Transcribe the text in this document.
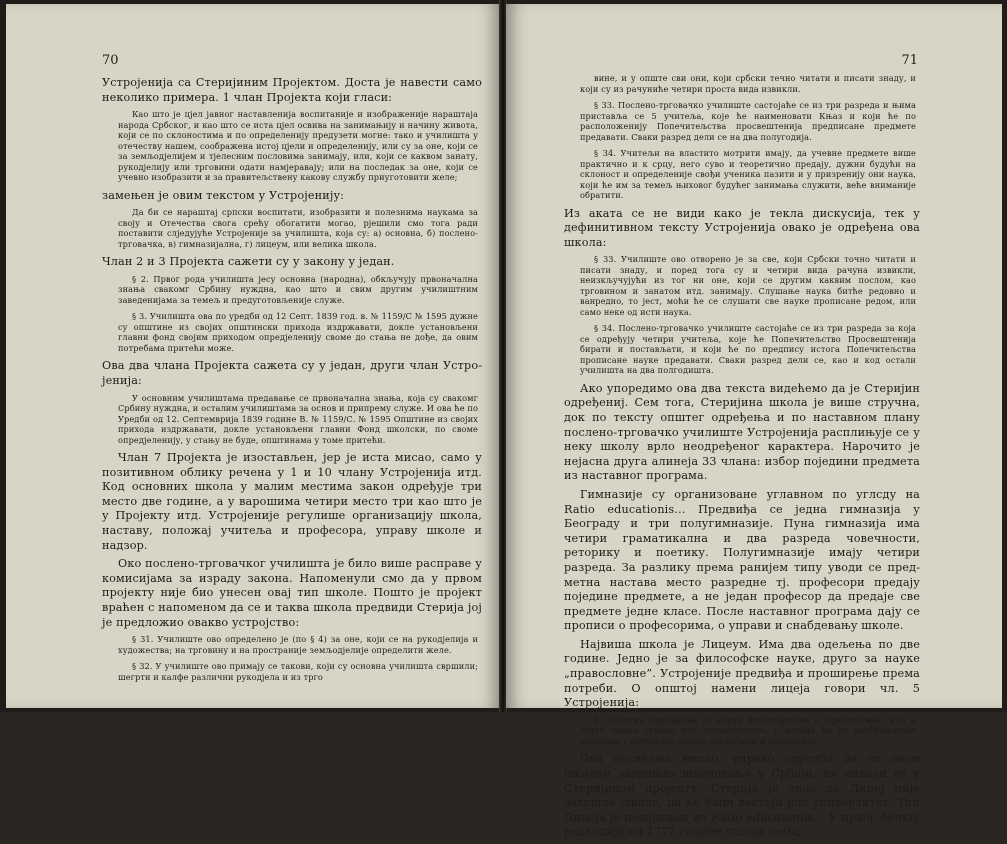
70

Устројенија са Стеријиним Пројектом. Доста је навести само неколико примера. 1 члан Пројекта који гласи:

Као што је цјел јавног наставленија воспитаније и изображеније нараштаја народа Србског, и као што се иста цјел освива на занимањију и начину живота, који се по склоностима и по определенију предузети могне: тако и училишта у отечеству нашем, соображена истој цјели и определенију, или су за оне, који се за земљодјелијем и тјелесним пословима занимају, или, који се каквом занату, рукодјелију или трговини одати намјеравају; или на последак за оне, који се учевно изобразити и за правитељствену какову службу приуготовити желе;

замењен је овим текстом у Устројенију:

Да би се нараштај српски воспитати, изобразити и полезнима наукама за своју и Отечества свога срећу обогатити могао, рјешили смо тога ради поставити слједујуће Устројеније за училишта, која су: а) основна, б) послено-трговачка, в) гимназијална, г) лицеум, или велика школа.

Члан 2 и 3 Пројекта сажети су у закону у један.

§ 2. Првог рода училишта јесу основна (народна), обкључују првоначална знања свакомг Србину нуждна, као што и свим другим училиштним заведенијама за темељ и предуготовљеније служе.

§ 3. Училишта ова по уредби од 12 Септ. 1839 год. в. № 1159/С № 1595 дужне су општине из својих општински прихода издржавати, докле установљени главни фонд својим приходом опредјеленију своме до стања не дође, да овим потребама притећи може.

Ова два члана Пројекта сажета су у један, други члан Устројенија:

У основним училиштама предавање се првоначална знања, која су свакомг Србину нуждна, и осталим училиштама за основ и припрему служе. И ова ће по Уредби од 12. Септемврија 1839 године В. № 1159/С. № 1595 Општине из својих прихода издржавати, докле установљени главни Фонд школски, по своме опредјеленију, у стању не буде, општинама у томе притећи.

Члан 7 Пројекта је изостављен, јер је иста мисао, само у позитивном облику речена у 1 и 10 члану Устројенија итд. Код основних школа у малим местима закон одређује три место две године, а у варошима четири место три као што је у Пројекту итд. Устројеније регулише организацију школа, наставу, положај учитеља и професора, управу школе и надзор.

Око послено-трговачког училишта је било више расправе у комисијама за израду закона. Напоменули смо да у првом пројекту није био унесен овај тип школе. Пошто је пројект враћен с напоменом да се и таква школа предвиди Стерија јој је предложио овакво устројство:

§ 31. Училиште ово определено је (по § 4) за оне, који се на рукодјелија и художества; на трговину и на пространије земљодјелије определити желе.

§ 32. У училиште ово примају се такови, који су основна училишта свршили; шегрти и калфе различни рукодјела и из трго

71

вине, и у опште сви они, који србски течно читати и писати знаду, и који су из рачуниће четири проста вида извикли.

§ 33. Послено-трговачко училиште састојаће се из три разреда и њима приставља се 5 учитеља, које ће наименовати Књаз и који ће по расположенију Попечитељства просвештенија предписане предмете предавати. Сваки разред дели се на два полугодија.

§ 34. Учитељи на властито мотрити имају, да учевне предмете више практично и к срцу, него суво и теоретично предају, дужни будући на склоност и определеније свођи ученика пазити и у призренију они наука, који ће им за темељ њиховог будућег занимања служити, веће вниманије обратити.

Из аката се не види како је текла дискусија, тек у дефинитивном тексту Устројенија овако је одређена ова школа:

§ 33. Училиште ово отворено је за све, који Србски точно читати и писати знаду, и поред тога су и четири вида рачуна извикли, неизкључујући из тог ни оне, који се другим каквим послом, као трговином и занатом итд. занимају. Слушање наука битће редовно и ванредно, то јест, моћи ће се слушати све науке прописане редом, или само неке од исти наука.

§ 34. Послено-трговачко училиште састојаће се из три разреда за која се одређују четири учитеља, које ће Попечитељство Просвештенија бирати и постављати, и који ће по предпису истога Попечитељства прописане науке предавати. Сваки разред дели се, као и код остали училишта на два полгодишта.

Ако упоредимо ова два текста видећемо да је Стеријин одређениј. Сем тога, Стеријина школа је више стручна, док по тексту општег одређења и по наставном плану послено-трговачко училиште Устројенија расплињује се у неку школу врло неодређеног карактера. Нарочито је нејасна друга алинеја 33 члана: избор поједини предмета из наставног програма.

Гимназије су организоване углавном по углсду на Ratio educationis… Предвиђа се једна гимназија у Београду и три полугимназије. Пуна гимназија има четири граматикална и два разреда човечности, реторику и поетику. Полугимназије имају четири разреда. За разлику према ранијем типу уводи се предметна настава место разредне тј. професори предају поједине предмете, а не један професор да предаје све предмете једне класе. После наставног програма дају се прописи о професорима, о управи и снабдевању школе.

Највиша школа је Лицеум. Има два одељења по две године. Једно је за философске науке, друго за науке „правословне”. Устројеније предвиђа и проширење према потреби. О општој намени лицеја говори чл. 5 Устројенија:

У Лицеуму предавање се науке философијске и Правословне, као и друге овима сродне или спомагателне, с којима ће се изображеније младежи у отечеству нашем закључити и саврширти.

Ова последња мисао, управо одредба да се овом школом завршава школовање у Србији, не налази се у Стеријином пројекту. Стерија је знао да Лицеј није завршна школа, да ће ђаци вестоји још универзитет. Тип Лицеја је позајмљен из Ratio educationis… У првој, бечкој редакцији од 1777 године лицеја нема;
